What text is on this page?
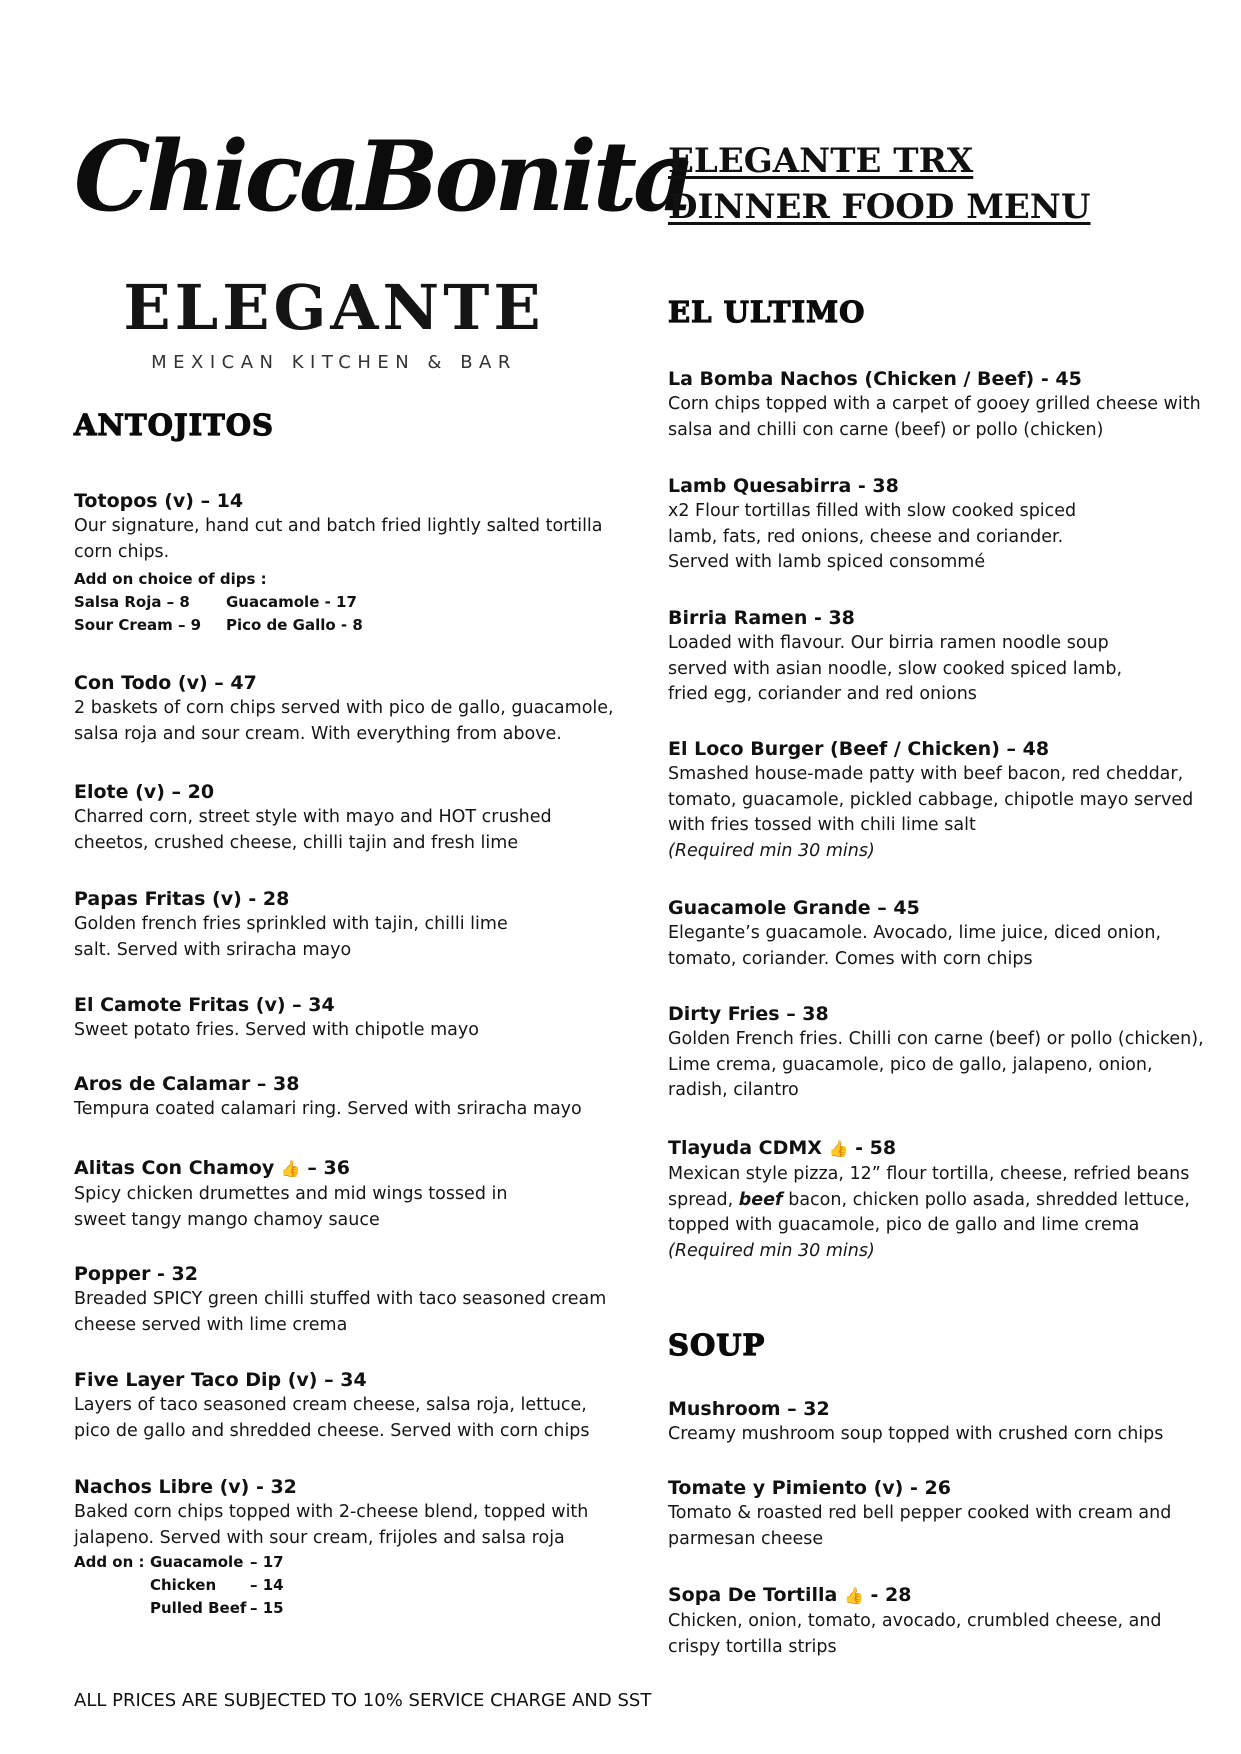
ChicaBonita
ELEGANTE
MEXICAN KITCHEN & BAR
ELEGANTE TRX
DINNER FOOD MENU
ANTOJITOS
EL ULTIMO
SOUP
Totopos (v) – 14
Our signature, hand cut and batch fried lightly salted tortilla corn chips.
Add on choice of dips :
Salsa Roja – 8 Guacamole - 17
Sour Cream – 9 Pico de Gallo - 8
Con Todo (v) – 47
2 baskets of corn chips served with pico de gallo, guacamole, salsa roja and sour cream. With everything from above.
Elote (v) – 20
Charred corn, street style with mayo and HOT crushed cheetos, crushed cheese, chilli tajin and fresh lime
Papas Fritas (v) - 28
Golden french fries sprinkled with tajin, chilli lime salt. Served with sriracha mayo
El Camote Fritas (v) – 34
Sweet potato fries. Served with chipotle mayo
Aros de Calamar – 38
Tempura coated calamari ring. Served with sriracha mayo
Alitas Con Chamoy 👍 – 36
Spicy chicken drumettes and mid wings tossed in sweet tangy mango chamoy sauce
Popper - 32
Breaded SPICY green chilli stuffed with taco seasoned cream cheese served with lime crema
Five Layer Taco Dip (v) – 34
Layers of taco seasoned cream cheese, salsa roja, lettuce, pico de gallo and shredded cheese. Served with corn chips
Nachos Libre (v) - 32
Baked corn chips topped with 2-cheese blend, topped with jalapeno. Served with sour cream, frijoles and salsa roja
Add on : Guacamole – 17
Chicken	– 14
Pulled Beef – 15
La Bomba Nachos (Chicken / Beef) - 45
Corn chips topped with a carpet of gooey grilled cheese with salsa and chilli con carne (beef) or pollo (chicken)
Lamb Quesabirra - 38
x2 Flour tortillas filled with slow cooked spiced lamb, fats, red onions, cheese and coriander.
Served with lamb spiced consommé
Birria Ramen - 38
Loaded with flavour. Our birria ramen noodle soup served with asian noodle, slow cooked spiced lamb, fried egg, coriander and red onions
El Loco Burger (Beef / Chicken) – 48
Smashed house-made patty with beef bacon, red cheddar, tomato, guacamole, pickled cabbage, chipotle mayo served with fries tossed with chili lime salt
(Required min 30 mins)
Guacamole Grande – 45
Elegante’s guacamole. Avocado, lime juice, diced onion, tomato, coriander. Comes with corn chips
Dirty Fries – 38
Golden French fries. Chilli con carne (beef) or pollo (chicken), Lime crema, guacamole, pico de gallo, jalapeno, onion, radish, cilantro
Tlayuda CDMX 👍 - 58
Mexican style pizza, 12” flour tortilla, cheese, refried beans spread, beef bacon, chicken pollo asada, shredded lettuce, topped with guacamole, pico de gallo and lime crema
(Required min 30 mins)
Mushroom – 32
Creamy mushroom soup topped with crushed corn chips
Tomate y Pimiento (v) - 26
Tomato & roasted red bell pepper cooked with cream and parmesan cheese
Sopa De Tortilla 👍 - 28
Chicken, onion, tomato, avocado, crumbled cheese, and crispy tortilla strips
ALL PRICES ARE SUBJECTED TO 10% SERVICE CHARGE AND SST
